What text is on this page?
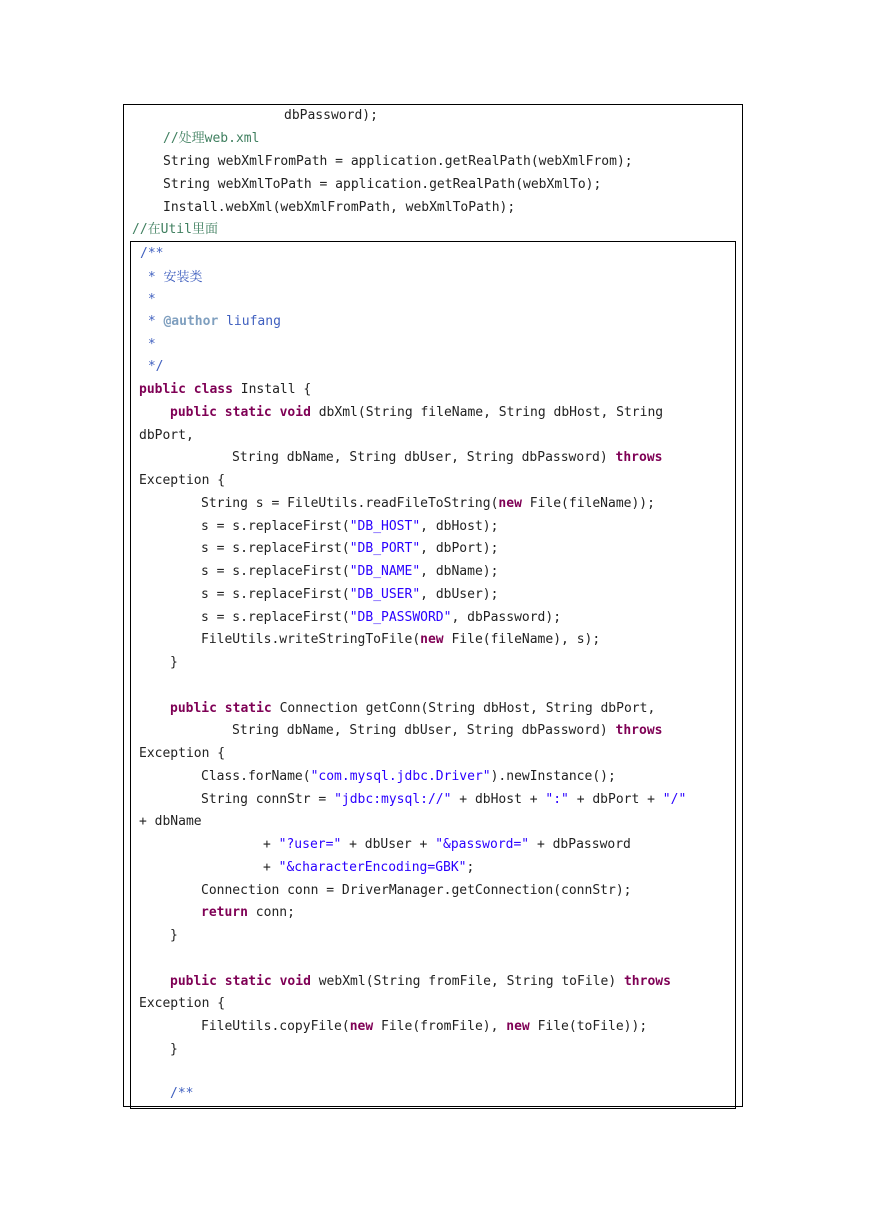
dbPassword);
//处理web.xml
String webXmlFromPath = application.getRealPath(webXmlFrom);
String webXmlToPath = application.getRealPath(webXmlTo);
Install.webXml(webXmlFromPath, webXmlToPath);
//在Util里面
/**
* 安装类
*
* @author liufang
*
*/
public class Install {
public static void dbXml(String fileName, String dbHost, String
dbPort,
String dbName, String dbUser, String dbPassword) throws
Exception {
String s = FileUtils.readFileToString(new File(fileName));
s = s.replaceFirst("DB_HOST", dbHost);
s = s.replaceFirst("DB_PORT", dbPort);
s = s.replaceFirst("DB_NAME", dbName);
s = s.replaceFirst("DB_USER", dbUser);
s = s.replaceFirst("DB_PASSWORD", dbPassword);
FileUtils.writeStringToFile(new File(fileName), s);
}
public static Connection getConn(String dbHost, String dbPort,
String dbName, String dbUser, String dbPassword) throws
Exception {
Class.forName("com.mysql.jdbc.Driver").newInstance();
String connStr = "jdbc:mysql://" + dbHost + ":" + dbPort + "/"
+ dbName
+ "?user=" + dbUser + "&password=" + dbPassword
+ "&characterEncoding=GBK";
Connection conn = DriverManager.getConnection(connStr);
return conn;
}
public static void webXml(String fromFile, String toFile) throws
Exception {
FileUtils.copyFile(new File(fromFile), new File(toFile));
}
/**
